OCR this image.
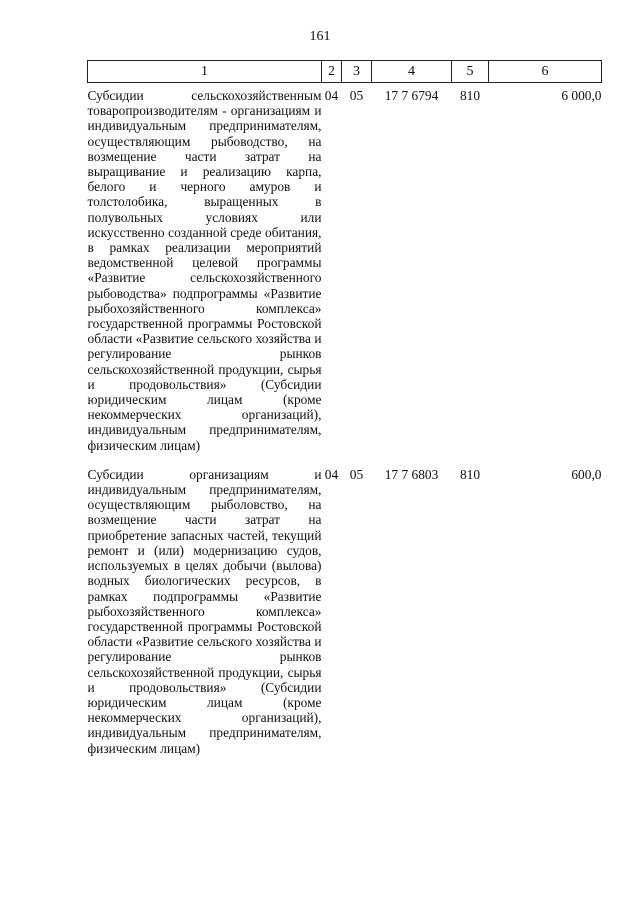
161
1	2	3	4	5	6
Субсидии сельскохозяйственным товаропроизводителям - организациям и индивидуальным предпринимателям, осуществляющим рыбоводство, на возмещение части затрат на выращивание и реализацию карпа, белого и черного амуров и толстолобика, выращенных в полувольных условиях или искусственно созданной среде обитания, в рамках реализации мероприятий ведомственной целевой программы «Развитие сельскохозяйственного рыбоводства» подпрограммы «Развитие рыбохозяйственного комплекса» государственной программы Ростовской области «Развитие сельского хозяйства и регулирование рынков сельскохозяйственной продукции, сырья и продовольствия» (Субсидии юридическим лицам (кроме некоммерческих организаций), индивидуальным предпринимателям, физическим лицам)	04	05	17 7 6794	810	6 000,0
Субсидии организациям и индивидуальным предпринимателям, осуществляющим рыболовство, на возмещение части затрат на приобретение запасных частей, текущий ремонт и (или) модернизацию судов, используемых в целях добычи (вылова) водных биологических ресурсов, в рамках подпрограммы «Развитие рыбохозяйственного комплекса» государственной программы Ростовской области «Развитие сельского хозяйства и регулирование рынков сельскохозяйственной продукции, сырья и продовольствия» (Субсидии юридическим лицам (кроме некоммерческих организаций), индивидуальным предпринимателям, физическим лицам)	04	05	17 7 6803	810	600,0
